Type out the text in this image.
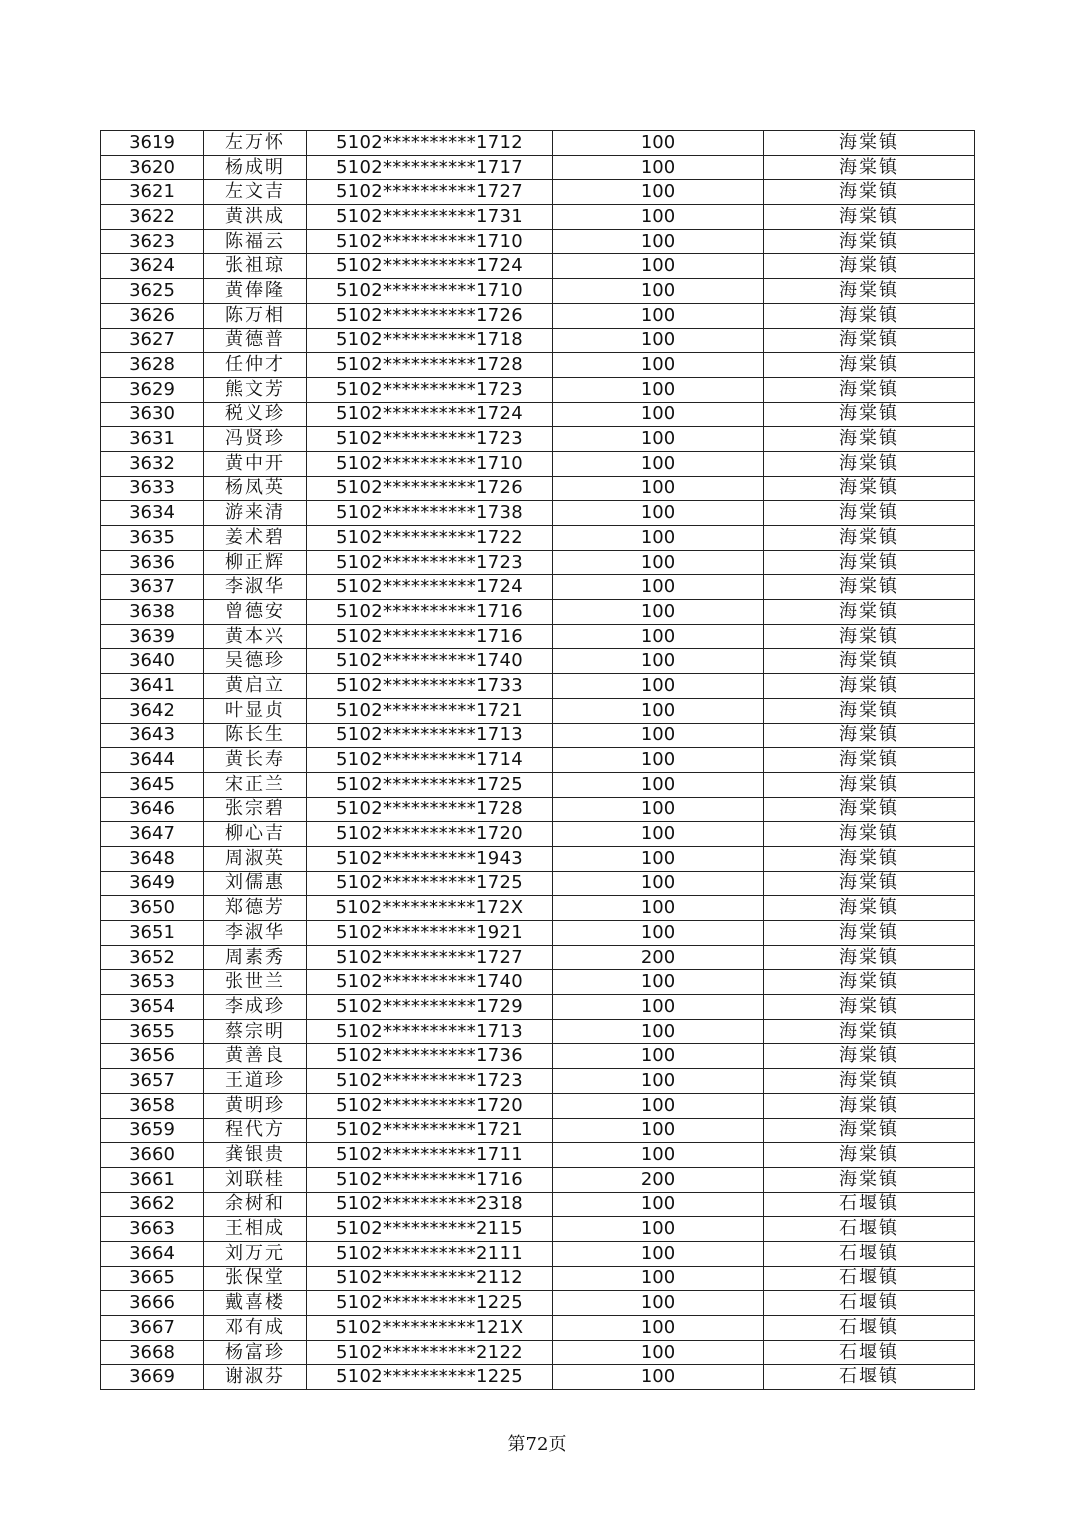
3619	左万怀	5102**********1712	100	海棠镇
3620	杨成明	5102**********1717	100	海棠镇
3621	左文吉	5102**********1727	100	海棠镇
3622	黄洪成	5102**********1731	100	海棠镇
3623	陈福云	5102**********1710	100	海棠镇
3624	张祖琼	5102**********1724	100	海棠镇
3625	黄俸隆	5102**********1710	100	海棠镇
3626	陈万相	5102**********1726	100	海棠镇
3627	黄德普	5102**********1718	100	海棠镇
3628	任仲才	5102**********1728	100	海棠镇
3629	熊文芳	5102**********1723	100	海棠镇
3630	税义珍	5102**********1724	100	海棠镇
3631	冯贤珍	5102**********1723	100	海棠镇
3632	黄中开	5102**********1710	100	海棠镇
3633	杨凤英	5102**********1726	100	海棠镇
3634	游来清	5102**********1738	100	海棠镇
3635	姜术碧	5102**********1722	100	海棠镇
3636	柳正辉	5102**********1723	100	海棠镇
3637	李淑华	5102**********1724	100	海棠镇
3638	曾德安	5102**********1716	100	海棠镇
3639	黄本兴	5102**********1716	100	海棠镇
3640	吴德珍	5102**********1740	100	海棠镇
3641	黄启立	5102**********1733	100	海棠镇
3642	叶显贞	5102**********1721	100	海棠镇
3643	陈长生	5102**********1713	100	海棠镇
3644	黄长寿	5102**********1714	100	海棠镇
3645	宋正兰	5102**********1725	100	海棠镇
3646	张宗碧	5102**********1728	100	海棠镇
3647	柳心吉	5102**********1720	100	海棠镇
3648	周淑英	5102**********1943	100	海棠镇
3649	刘儒惠	5102**********1725	100	海棠镇
3650	郑德芳	5102**********172X	100	海棠镇
3651	李淑华	5102**********1921	100	海棠镇
3652	周素秀	5102**********1727	200	海棠镇
3653	张世兰	5102**********1740	100	海棠镇
3654	李成珍	5102**********1729	100	海棠镇
3655	蔡宗明	5102**********1713	100	海棠镇
3656	黄善良	5102**********1736	100	海棠镇
3657	王道珍	5102**********1723	100	海棠镇
3658	黄明珍	5102**********1720	100	海棠镇
3659	程代方	5102**********1721	100	海棠镇
3660	龚银贵	5102**********1711	100	海棠镇
3661	刘联桂	5102**********1716	200	海棠镇
3662	余树和	5102**********2318	100	石堰镇
3663	王相成	5102**********2115	100	石堰镇
3664	刘万元	5102**********2111	100	石堰镇
3665	张保堂	5102**********2112	100	石堰镇
3666	戴喜楼	5102**********1225	100	石堰镇
3667	邓有成	5102**********121X	100	石堰镇
3668	杨富珍	5102**********2122	100	石堰镇
3669	谢淑芬	5102**********1225	100	石堰镇
第72页
